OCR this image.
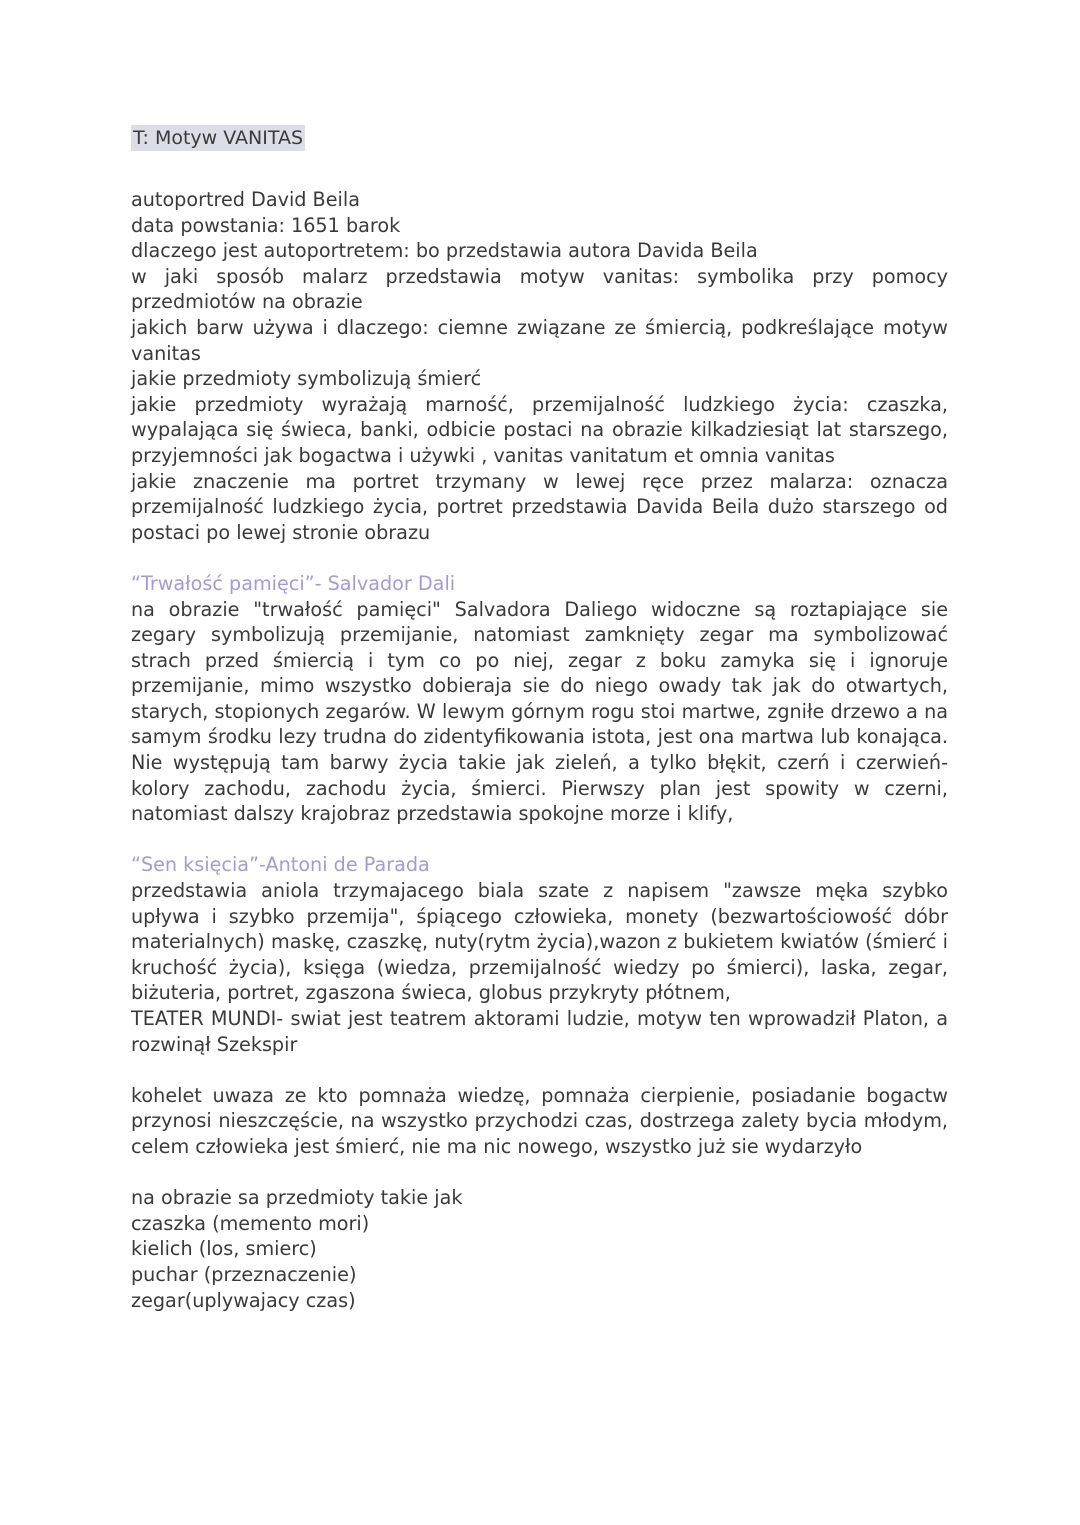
T: Motyw VANITAS

autoportred David Beila

data powstania: 1651 barok

dlaczego jest autoportretem: bo przedstawia autora Davida Beila

w jaki sposób malarz przedstawia motyw vanitas: symbolika przy pomocy przedmiotów na obrazie

jakich barw używa i dlaczego: ciemne związane ze śmiercią, podkreślające motyw vanitas

jakie przedmioty symbolizują śmierć

jakie przedmioty wyrażają marność, przemijalność ludzkiego życia: czaszka, wypalająca się świeca, banki, odbicie postaci na obrazie kilkadziesiąt lat starszego, przyjemności jak bogactwa i używki , vanitas vanitatum et omnia vanitas

jakie znaczenie ma portret trzymany w lewej ręce przez malarza: oznacza przemijalność ludzkiego życia, portret przedstawia Davida Beila dużo starszego od postaci po lewej stronie obrazu

“Trwałość pamięci”- Salvador Dali

na obrazie "trwałość pamięci" Salvadora Daliego widoczne są roztapiające sie zegary symbolizują przemijanie, natomiast zamknięty zegar ma symbolizować strach przed śmiercią i tym co po niej, zegar z boku zamyka się i ignoruje przemijanie, mimo wszystko dobieraja sie do niego owady tak jak do otwartych, starych, stopionych zegarów. W lewym górnym rogu stoi martwe, zgniłe drzewo a na samym środku lezy trudna do zidentyfikowania istota, jest ona martwa lub konająca. Nie występują tam barwy życia takie jak zieleń, a tylko błękit, czerń i czerwień- kolory zachodu, zachodu życia, śmierci. Pierwszy plan jest spowity w czerni, natomiast dalszy krajobraz przedstawia spokojne morze i klify,

“Sen księcia”-Antoni de Parada

przedstawia aniola trzymajacego biala szate z napisem "zawsze męka szybko upływa i szybko przemija", śpiącego człowieka, monety (bezwartościowość dóbr materialnych) maskę, czaszkę, nuty(rytm życia),wazon z bukietem kwiatów (śmierć i kruchość życia), księga (wiedza, przemijalność wiedzy po śmierci), laska, zegar, biżuteria, portret, zgaszona świeca, globus przykryty płótnem,

TEATER MUNDI- swiat jest teatrem aktorami ludzie, motyw ten wprowadził Platon, a rozwinął Szekspir

kohelet uwaza ze kto pomnaża wiedzę, pomnaża cierpienie, posiadanie bogactw przynosi nieszczęście, na wszystko przychodzi czas, dostrzega zalety bycia młodym, celem człowieka jest śmierć, nie ma nic nowego, wszystko już sie wydarzyło

na obrazie sa przedmioty takie jak

czaszka (memento mori)

kielich (los, smierc)

puchar (przeznaczenie)

zegar(uplywajacy czas)
